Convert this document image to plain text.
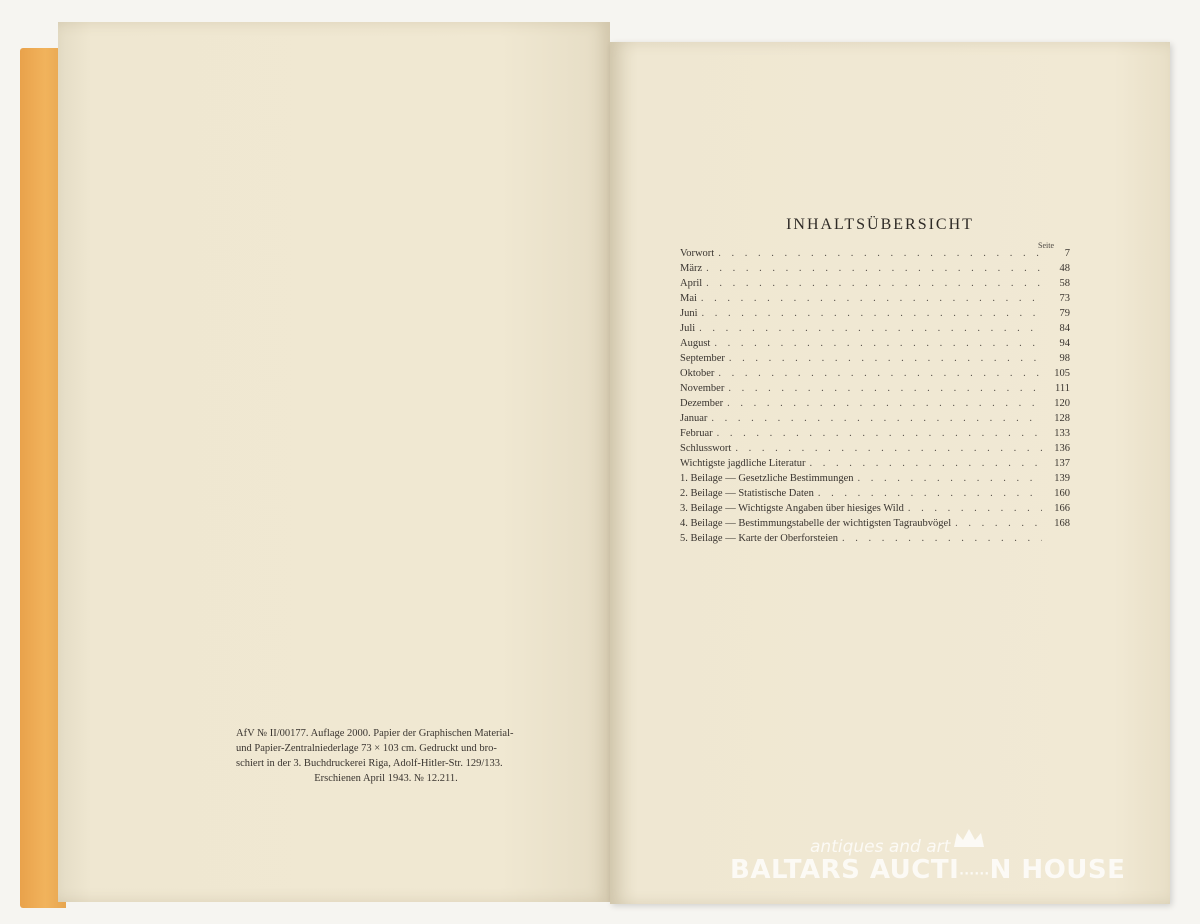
AfV № II/00177. Auflage 2000. Papier der Graphischen Material-
und Papier-Zentralniederlage 73 × 103 cm. Gedruckt und bro-
schiert in der 3. Buchdruckerei Riga, Adolf-Hitler-Str. 129/133.
Erschienen April 1943. № 12.211.
INHALTSÜBERSICHT
Seite
Vorwort . . .	7
März . . .	48
April . . .	58
Mai . . .	73
Juni . . .	79
Juli . . .	84
August . . .	94
September . . .	98
Oktober . . .	105
November . . .	111
Dezember . . .	120
Januar . . .	128
Februar . . .	133
Schlusswort . . .	136
Wichtigste jagdliche Literatur . . .	137
1. Beilage — Gesetzliche Bestimmungen . . .	139
2. Beilage — Statistische Daten . . .	160
3. Beilage — Wichtigste Angaben über hiesiges Wild . . .	166
4. Beilage — Bestimmungstabelle der wichtigsten Tagraubvögel . . .	168
5. Beilage — Karte der Oberforsteien
. . .
antiques and art
BALTARS AUCTI......N HOUSE
